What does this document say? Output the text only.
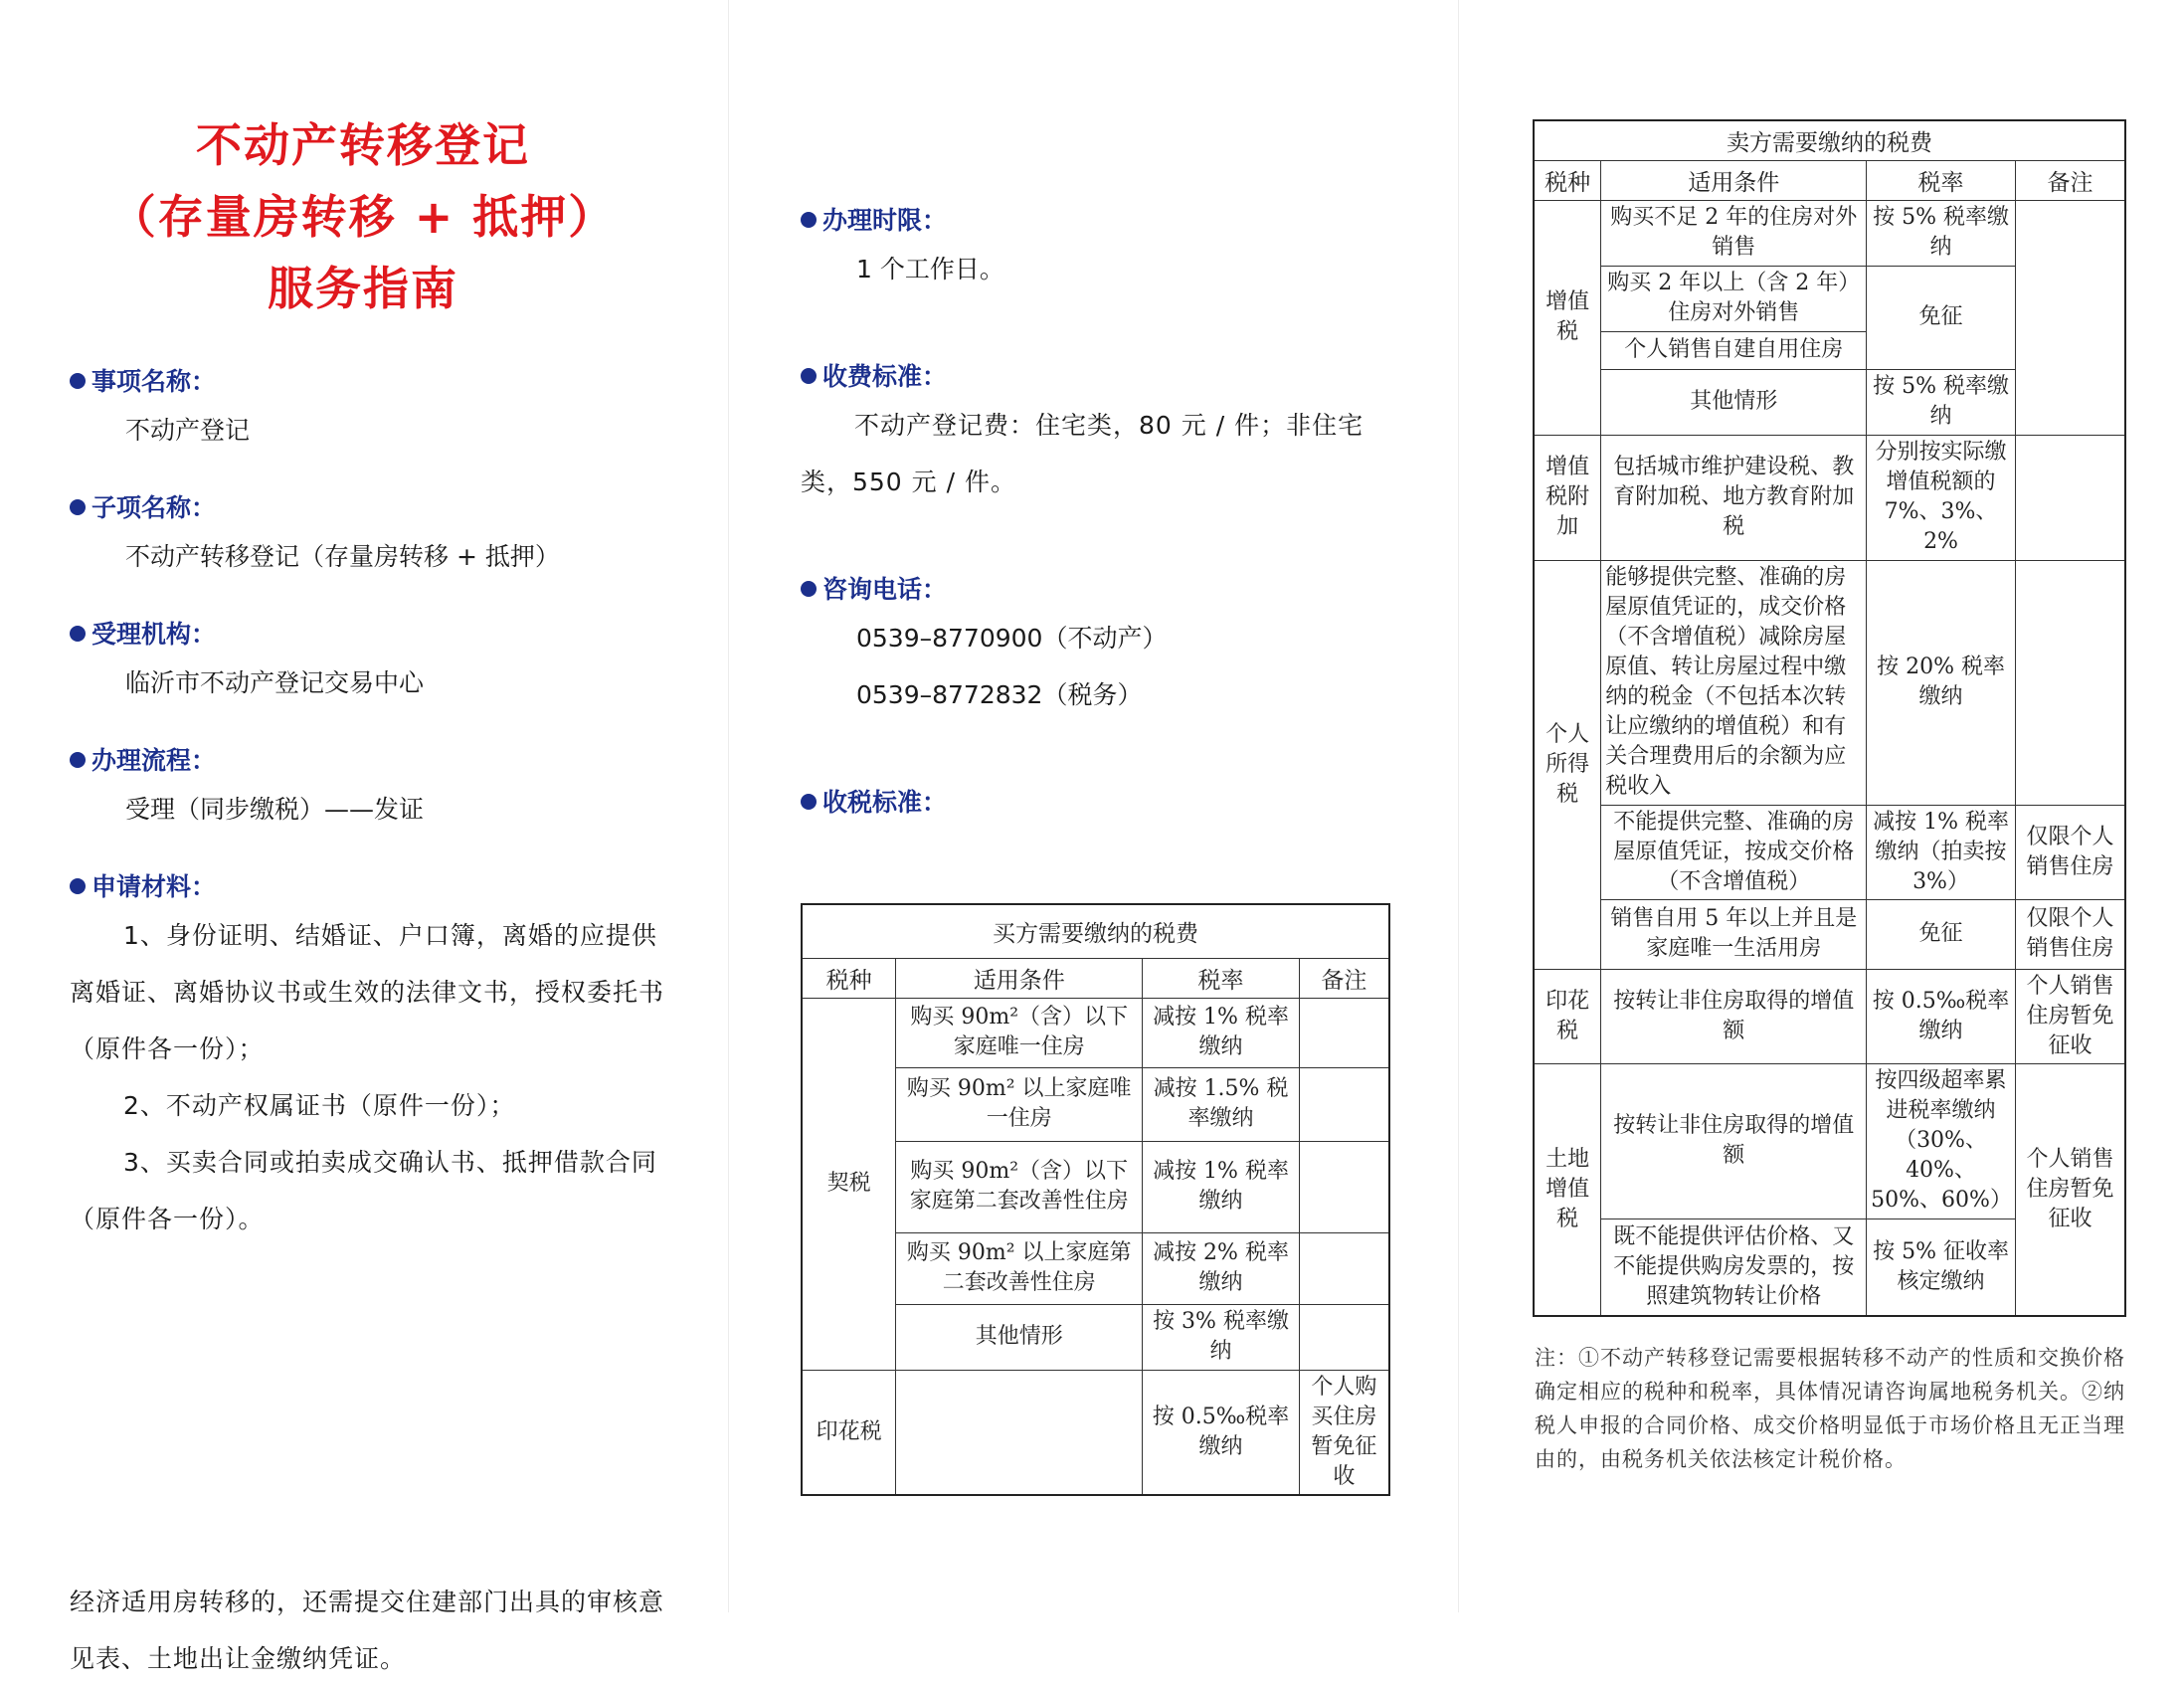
不动产转移登记
（存量房转移 + 抵押）
服务指南
事项名称：
不动产登记
子项名称：
不动产转移登记（存量房转移 + 抵押）
受理机构：
临沂市不动产登记交易中心
办理流程：
受理（同步缴税）——发证
申请材料：
1、身份证明、结婚证、户口簿，离婚的应提供离婚证、离婚协议书或生效的法律文书，授权委托书（原件各一份）；
2、不动产权属证书（原件一份）；
3、买卖合同或拍卖成交确认书、抵押借款合同（原件各一份）。
经济适用房转移的，还需提交住建部门出具的审核意见表、土地出让金缴纳凭证。
办理时限：
1 个工作日。
收费标准：
不动产登记费：住宅类，80 元 / 件；非住宅类，550 元 / 件。
咨询电话：
0539–8770900（不动产）
0539–8772832（税务）
收税标准：
买方需要缴纳的税费			
税种	适用条件	税率	备注
契税	购买 90m²（含）以下家庭唯一住房	减按 1% 税率缴纳	
	购买 90m² 以上家庭唯一住房	减按 1.5% 税率缴纳	
	购买 90m²（含）以下家庭第二套改善性住房	减按 1% 税率缴纳	
	购买 90m² 以上家庭第二套改善性住房	减按 2% 税率缴纳	
	其他情形	按 3% 税率缴纳	
印花税		按 0.5‰税率缴纳	个人购买住房暂免征收
卖方需要缴纳的税费			
税种	适用条件	税率	备注
增值税	购买不足 2 年的住房对外销售	按 5% 税率缴纳	
	购买 2 年以上（含 2 年）住房对外销售	免征	
	个人销售自建自用住房		
	其他情形	按 5% 税率缴纳	
增值税附加	包括城市维护建设税、教育附加税、地方教育附加税	分别按实际缴增值税额的 7%、3%、2%	
个人所得税	能够提供完整、准确的房屋原值凭证的，成交价格（不含增值税）减除房屋原值、转让房屋过程中缴纳的税金（不包括本次转让应缴纳的增值税）和有关合理费用后的余额为应税收入	按 20% 税率缴纳	
	不能提供完整、准确的房屋原值凭证，按成交价格（不含增值税）	减按 1% 税率缴纳（拍卖按 3%）	仅限个人销售住房
	销售自用 5 年以上并且是家庭唯一生活用房	免征	仅限个人销售住房
印花税	按转让非住房取得的增值额	按 0.5‰税率缴纳	个人销售住房暂免征收
土地增值税	按转让非住房取得的增值额	按四级超率累进税率缴纳（30%、40%、50%、60%）	个人销售住房暂免征收
	既不能提供评估价格、又不能提供购房发票的，按照建筑物转让价格	按 5% 征收率核定缴纳	
注：①不动产转移登记需要根据转移不动产的性质和交换价格确定相应的税种和税率，具体情况请咨询属地税务机关。②纳税人申报的合同价格、成交价格明显低于市场价格且无正当理由的，由税务机关依法核定计税价格。
